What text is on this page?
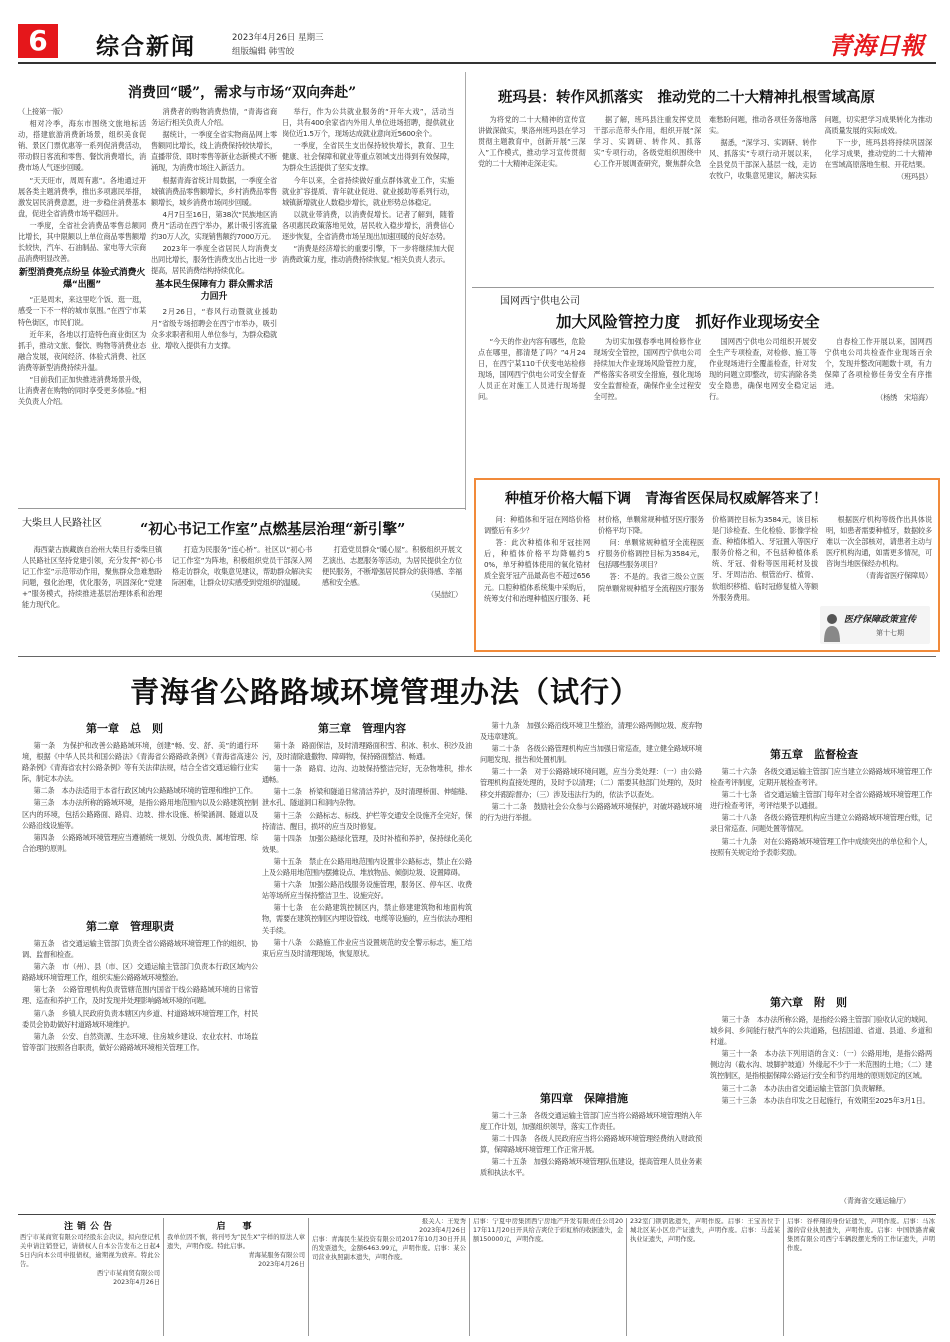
6	综合新闻	2023年4月26日 星期三
组版编辑 韩雪皎	青海日報
消费回“暖”，需求与市场“双向奔赴”

（上接第一版）

相对冷季，海东市围绕文旅地标活动，搭建旅游消费新场景，组织美食促销、景区门票优惠等一系列促消费活动，带动假日客流和零售、餐饮消费增长，消费市场人气逐步回暖。

“天天旺市，周周有惠”。各地通过开展各类主题消费季，推出多项惠民举措，激发居民消费意愿，进一步稳住消费基本盘，促进全省消费市场平稳回升。

一季度，全省社会消费品零售总额同比增长，其中限额以上单位商品零售额增长较快，汽车、石油制品、家电等大宗商品消费明显改善。

新型消费亮点纷呈 体验式消费火爆“出圈”

“正是周末，来这里吃个饭、逛一逛，感受一下不一样的城市氛围。”在西宁市某特色街区，市民们说。

近年来，各地以打造特色商业街区为抓手，推动文旅、餐饮、购物等消费业态融合发展，夜间经济、体验式消费、社区消费等新型消费持续升温。

“目前我们正加快推进消费场景升级，让消费者在购物的同时享受更多体验。”相关负责人介绍。

消费者的购物消费热情，“青海省商务运行相关负责人介绍。

据统计，一季度全省实物商品网上零售额同比增长，线上消费保持较快增长，直播带货、即时零售等新业态新模式不断涌现，为消费市场注入新活力。

根据青海省统计局数据，一季度全省城镇消费品零售额增长，乡村消费品零售额增长，城乡消费市场同步回暖。

4月7日至16日，第38次“民族地区消费月”活动在西宁举办，累计吸引客流量约30万人次，实现销售额约7000万元。

2023年一季度全省居民人均消费支出同比增长，服务性消费支出占比进一步提高，居民消费结构持续优化。

基本民生保障有力 群众需求活力回升

2月26日，“春风行动暨就业援助月”省级专场招聘会在西宁市举办，吸引众多求职者和用人单位参与，为群众稳就业、增收入提供有力支撑。

举行，作为公共就业服务的“开年大戏”，活动当日，共有400余家省内外用人单位进场招聘，提供就业岗位近1.5万个，现场达成就业意向近5600余个。

一季度，全省民生支出保持较快增长，教育、卫生健康、社会保障和就业等重点领域支出得到有效保障，为群众生活提供了坚实支撑。

今年以来，全省持续做好重点群体就业工作，实施就业扩容提质、青年就业促进、就业援助等系列行动，城镇新增就业人数稳步增长，就业形势总体稳定。

以就业带消费，以消费促增长。记者了解到，随着各项惠民政策落地见效，居民收入稳步增长，消费信心逐步恢复，全省消费市场呈现出加速回暖的良好态势。

“消费是经济增长的重要引擎，下一步将继续加大促消费政策力度，推动消费持续恢复。”相关负责人表示。

班玛县：转作风抓落实　推动党的二十大精神扎根雪域高原

为将党的二十大精神的宣传宣讲做深做实，果洛州班玛县在学习贯彻主题教育中，创新开展“三深入”工作模式，推动学习宣传贯彻党的二十大精神走深走实。

据了解，班玛县注重发挥党员干部示范带头作用，组织开展“深学习、实调研、转作风、抓落实”专项行动，各级党组织围绕中心工作开展调查研究，聚焦群众急难愁盼问题，推动各项任务落地落实。

据悉，“深学习、实调研、转作风、抓落实”专项行动开展以来，全县党员干部深入基层一线，走访农牧户，收集意见建议，解决实际问题，切实把学习成果转化为推动高质量发展的实际成效。

下一步，班玛县将持续巩固深化学习成果，推动党的二十大精神在雪域高原落地生根、开花结果。

（班玛县）

国网西宁供电公司
加大风险管控力度　抓好作业现场安全

“今天的作业内容有哪些，危险点在哪里，都清楚了吗？”4月24日，在西宁某110千伏变电站检修现场，国网西宁供电公司安全督查人员正在对施工人员进行现场提问。

为切实加强春季电网检修作业现场安全管控，国网西宁供电公司持续加大作业现场风险管控力度，严格落实各项安全措施，强化现场安全监督检查，确保作业全过程安全可控。

国网西宁供电公司组织开展安全生产专项检查，对检修、施工等作业现场进行全覆盖检查，针对发现的问题立即整改，切实消除各类安全隐患，确保电网安全稳定运行。

自春检工作开展以来，国网西宁供电公司共检查作业现场百余个，发现并整改问题数十项，有力保障了各项检修任务安全有序推进。

（杨绣　宋培海）

种植牙价格大幅下调　青海省医保局权威解答来了！

问：种植体和牙冠在网络价格调整后有多少？

答：此次种植体和牙冠挂网后，种植体价格平均降幅约50%，单牙种植体使用的氧化锆材质全瓷牙冠产品最高也不超过656元。口腔种植体系统集中采购后，统筹支付和治理种植医疗服务、耗材价格，单颗常规种植牙医疗服务价格平均下降。

问：单颗常规种植牙全流程医疗服务价格调控目标为3584元，包括哪些服务项目？

答：不是的。我省三级公立医院单颗常规种植牙全流程医疗服务价格调控目标为3584元，该目标是门诊检查、生化检验、影像学检查、种植体植入、牙冠置入等医疗服务价格之和，不包括种植体系统、牙冠、骨粉等医用耗材及拔牙、牙周洁治、根管治疗、植骨、软组织移植、临时冠修复植入等额外服务费用。

根据医疗机构等级作出具体说明，如患者需要种植牙，数据较多难以一次全部核对，请患者主动与医疗机构沟通，如需更多情况，可咨询当地医保经办机构。

（青海省医疗保障局）

医疗保障政策宣传
第十七期
大柴旦人民路社区	“初心书记工作室”点燃基层治理“新引擎”

海西蒙古族藏族自治州大柴旦行委柴旦镇人民路社区坚持党建引领，充分发挥“初心书记工作室”示范带动作用，聚焦群众急难愁盼问题，强化治理，优化服务，巩固深化“党建+”服务模式，持续推进基层治理体系和治理能力现代化。

打造为民服务“连心桥”。社区以“初心书记工作室”为阵地，积极组织党员干部深入网格走访群众，收集意见建议，帮助群众解决实际困难，让群众切实感受到党组织的温暖。

打造党员群众“暖心屋”。积极组织开展文艺演出、志愿服务等活动，为居民提供全方位便民服务，不断增强居民群众的获得感、幸福感和安全感。

（吴喆红）

青海省公路路域环境管理办法（试行）
第一章　总　则

第一条　为保护和改善公路路域环境，创建“畅、安、舒、美”的通行环境，根据《中华人民共和国公路法》《青海省公路路政条例》《青海省高速公路条例》《青海省农村公路条例》等有关法律法规，结合全省交通运输行业实际，制定本办法。

第二条　本办法适用于本省行政区域内公路路域环境的管理和维护工作。

第三条　本办法所称的路域环境，是指公路用地范围内以及公路建筑控制区内的环境，包括公路路面、路肩、边坡、排水设施、桥梁涵洞、隧道以及公路沿线设施等。

第四条　公路路域环境管理应当遵循统一规划、分级负责、属地管理、综合治理的原则。

第二章　管理职责

第五条　省交通运输主管部门负责全省公路路域环境管理工作的组织、协调、监督和检查。

第六条　市（州）、县（市、区）交通运输主管部门负责本行政区域内公路路域环境管理工作，组织实施公路路域环境整治。

第七条　公路管理机构负责管辖范围内国省干线公路路域环境的日常管理、巡查和养护工作，及时发现并处理影响路域环境的问题。

第八条　乡镇人民政府负责本辖区内乡道、村道路域环境管理工作，村民委员会协助做好村道路域环境维护。

第九条　公安、自然资源、生态环境、住房城乡建设、农业农村、市场监管等部门按照各自职责，做好公路路域环境相关管理工作。

第三章　管理内容

第十条　路面保洁，及时清理路面积雪、积冰、积水、积沙及油污，及时清除遗撒物、障碍物，保持路面整洁、畅通。

第十一条　路肩、边沟、边坡保持整洁完好，无杂物堆积，排水通畅。

第十二条　桥梁和隧道日常清洁养护，及时清理桥面、伸缩缝、泄水孔、隧道洞口和洞内杂物。

第十三条　公路标志、标线、护栏等交通安全设施齐全完好，保持清洁、醒目，损坏的应当及时修复。

第十四条　加强公路绿化管理，及时补植和养护，保持绿化美化效果。

第十五条　禁止在公路用地范围内设置非公路标志，禁止在公路上及公路用地范围内摆摊设点、堆放物品、倾倒垃圾、设置障碍。

第十六条　加强公路沿线服务设施管理，服务区、停车区、收费站等场所应当保持整洁卫生、设施完好。

第十七条　在公路建筑控制区内，禁止修建建筑物和地面构筑物，需要在建筑控制区内埋设管线、电缆等设施的，应当依法办理相关手续。

第十八条　公路施工作业应当设置规范的安全警示标志，施工结束后应当及时清理现场，恢复原状。

第十九条　加强公路沿线环境卫生整治，清理公路两侧垃圾、废弃物及违章建筑。

第二十条　各级公路管理机构应当加强日常巡查，建立健全路域环境问题发现、报告和处置机制。

第二十一条　对于公路路域环境问题，应当分类处理：（一）由公路管理机构直接处理的，及时予以清理；（二）需要其他部门处理的，及时移交并跟踪督办；（三）涉及违法行为的，依法予以查处。

第二十二条　鼓励社会公众参与公路路域环境保护，对破坏路域环境的行为进行举报。

第四章　保障措施

第二十三条　各级交通运输主管部门应当将公路路域环境管理纳入年度工作计划，加强组织领导，落实工作责任。

第二十四条　各级人民政府应当将公路路域环境管理经费纳入财政预算，保障路域环境管理工作正常开展。

第二十五条　加强公路路域环境管理队伍建设，提高管理人员业务素质和执法水平。

第五章　监督检查

第二十六条　各级交通运输主管部门应当建立公路路域环境管理工作检查考评制度，定期开展检查考评。

第二十七条　省交通运输主管部门每年对全省公路路域环境管理工作进行检查考评，考评结果予以通报。

第二十八条　各级公路管理机构应当建立公路路域环境管理台账，记录日常巡查、问题处置等情况。

第二十九条　对在公路路域环境管理工作中成绩突出的单位和个人，按照有关规定给予表彰奖励。

第六章　附　则

第三十条　本办法所称公路，是指经公路主管部门验收认定的城间、城乡间、乡间能行驶汽车的公共道路，包括国道、省道、县道、乡道和村道。

第三十一条　本办法下列用语的含义：（一）公路用地，是指公路两侧边沟（截水沟、坡脚护坡道）外缘起不少于一米范围的土地；（二）建筑控制区，是指根据保障公路运行安全和节约用地的原则划定的区域。

第三十二条　本办法由省交通运输主管部门负责解释。

第三十三条　本办法自印发之日起施行，有效期至2025年3月1日。

（青海省交通运输厅）
注销公告
西宁市某商贸有限公司经股东会决议，拟向登记机关申请注销登记，请债权人自本公告发布之日起45日内向本公司申报债权，逾期视为放弃。特此公告。
西宁市某商贸有限公司
2023年4月26日
启　事
我单位因不慎，将刊号为“民生X”字样的原法人章遗失，声明作废。特此启事。
青海某服务有限公司
2023年4月26日
报关人：王爱秀
2023年4月26日
启事：青海民生某投资有限公司2017年10月30日开具的发票遗失，金额6463.99元，声明作废。启事：某公司营业执照副本遗失，声明作废。
启事：宁夏中房集团西宁房地产开发有限责任公司2017年11月20日开具给吉爽位于彩虹桥的收据遗失，金额150000元，声明作废。
232室门锁钥匙遗失，声明作废。启事：王宝善位于城北区某小区房产证遗失，声明作废。启事：马蕊某执业证遗失，声明作废。
启事：谷梓翔的身份证遗失，声明作废。启事：马冰源的营业执照遗失，声明作废。启事：中国铁路青藏集团有限公司西宁车辆段摆光秀的工作证遗失，声明作废。
